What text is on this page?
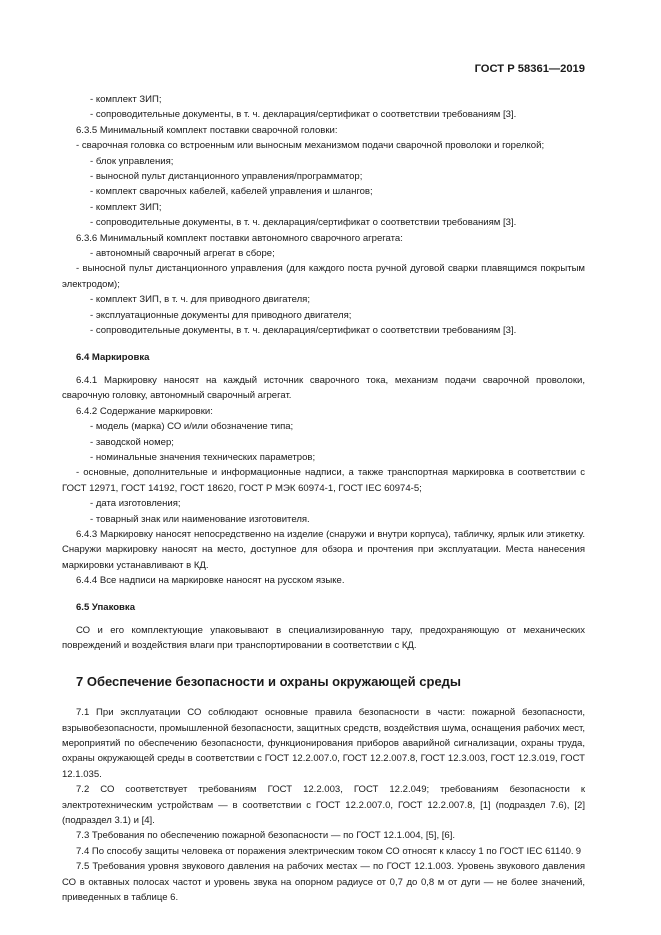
ГОСТ Р 58361—2019

- комплект ЗИП;

- сопроводительные документы, в т. ч. декларация/сертификат о соответствии требованиям [3].

6.3.5 Минимальный комплект поставки сварочной головки:

- сварочная головка со встроенным или выносным механизмом подачи сварочной проволоки и горелкой;

- блок управления;

- выносной пульт дистанционного управления/программатор;

- комплект сварочных кабелей, кабелей управления и шлангов;

- комплект ЗИП;

- сопроводительные документы, в т. ч. декларация/сертификат о соответствии требованиям [3].

6.3.6 Минимальный комплект поставки автономного сварочного агрегата:

- автономный сварочный агрегат в сборе;

- выносной пульт дистанционного управления (для каждого поста ручной дуговой сварки плавящимся покрытым электродом);

- комплект ЗИП, в т. ч. для приводного двигателя;

- эксплуатационные документы для приводного двигателя;

- сопроводительные документы, в т. ч. декларация/сертификат о соответствии требованиям [3].

6.4 Маркировка

6.4.1 Маркировку наносят на каждый источник сварочного тока, механизм подачи сварочной проволоки, сварочную головку, автономный сварочный агрегат.

6.4.2 Содержание маркировки:

- модель (марка) СО и/или обозначение типа;

- заводской номер;

- номинальные значения технических параметров;

- основные, дополнительные и информационные надписи, а также транспортная маркировка в соответствии с ГОСТ 12971, ГОСТ 14192, ГОСТ 18620, ГОСТ Р МЭК 60974-1, ГОСТ IEC 60974-5;

- дата изготовления;

- товарный знак или наименование изготовителя.

6.4.3 Маркировку наносят непосредственно на изделие (снаружи и внутри корпуса), табличку, ярлык или этикетку. Снаружи маркировку наносят на место, доступное для обзора и прочтения при эксплуатации. Места нанесения маркировки устанавливают в КД.

6.4.4 Все надписи на маркировке наносят на русском языке.

6.5 Упаковка

СО и его комплектующие упаковывают в специализированную тару, предохраняющую от механических повреждений и воздействия влаги при транспортировании в соответствии с КД.

7 Обеспечение безопасности и охраны окружающей среды

7.1 При эксплуатации СО соблюдают основные правила безопасности в части: пожарной безопасности, взрывобезопасности, промышленной безопасности, защитных средств, воздействия шума, оснащения рабочих мест, мероприятий по обеспечению безопасности, функционирования приборов аварийной сигнализации, охраны труда, охраны окружающей среды в соответствии с ГОСТ 12.2.007.0, ГОСТ 12.2.007.8, ГОСТ 12.3.003, ГОСТ 12.3.019, ГОСТ 12.1.035.

7.2 СО соответствует требованиям ГОСТ 12.2.003, ГОСТ 12.2.049; требованиям безопасности к электротехническим устройствам — в соответствии с ГОСТ 12.2.007.0, ГОСТ 12.2.007.8, [1] (подраздел 7.6), [2] (подраздел 3.1) и [4].

7.3 Требования по обеспечению пожарной безопасности — по ГОСТ 12.1.004, [5], [6].

7.4 По способу защиты человека от поражения электрическим током СО относят к классу 1 по ГОСТ IEC 61140.

7.5 Требования уровня звукового давления на рабочих местах — по ГОСТ 12.1.003. Уровень звукового давления СО в октавных полосах частот и уровень звука на опорном радиусе от 0,7 до 0,8 м от дуги — не более значений, приведенных в таблице 6.

9
